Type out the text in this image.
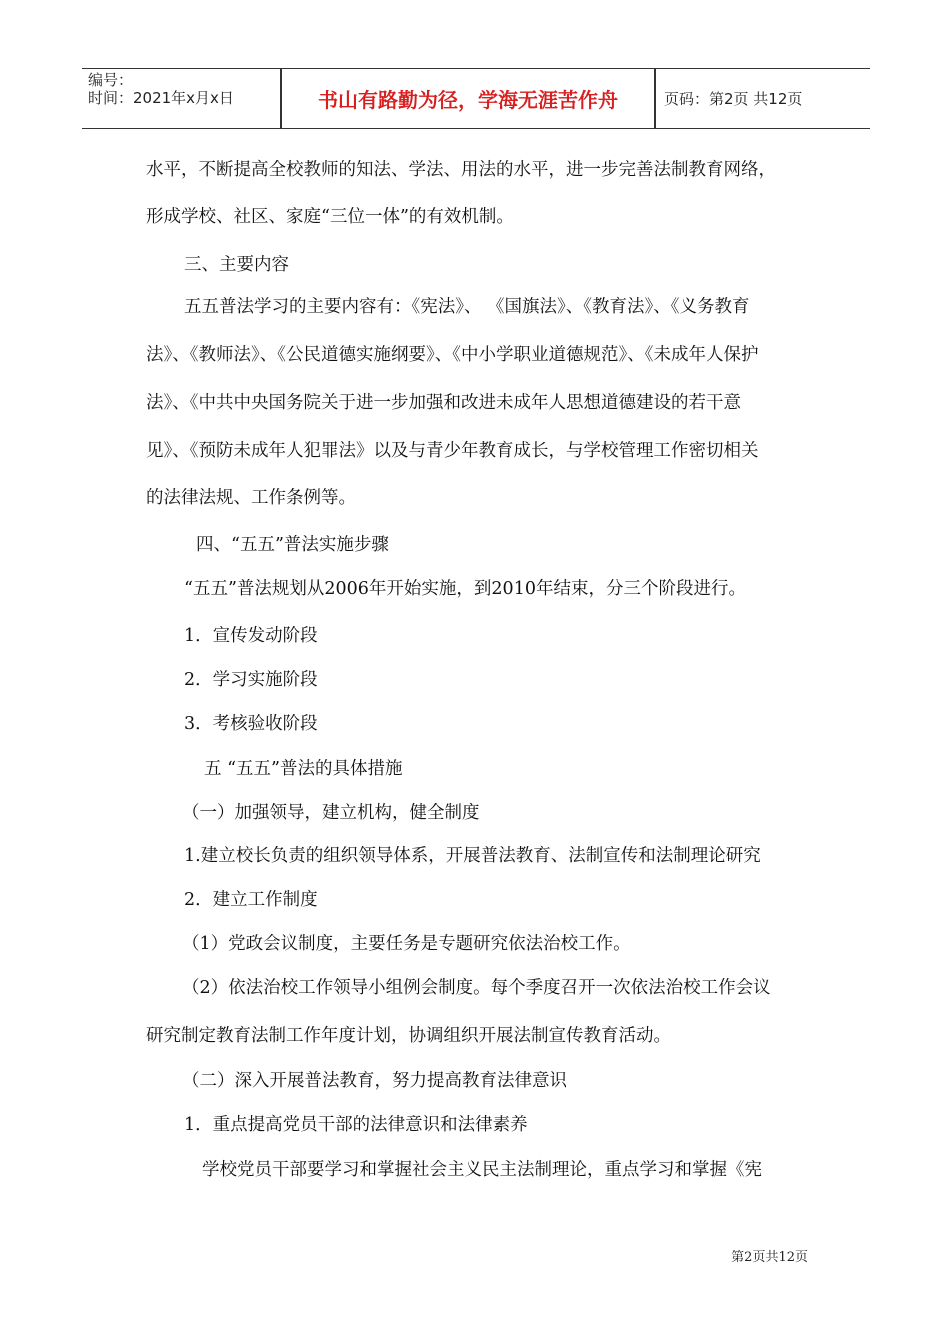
编号：
时间：2021年x月x日	书山有路勤为径，学海无涯苦作舟	页码：第2页 共12页
水平，不断提高全校教师的知法、学法、用法的水平，进一步完善法制教育网络，
形成学校、社区、家庭“三位一体”的有效机制。
三、主要内容
五五普法学习的主要内容有：《宪法》、 《国旗法》、《教育法》、《义务教育
法》、《教师法》、《公民道德实施纲要》、《中小学职业道德规范》、《未成年人保护
法》、《中共中央国务院关于进一步加强和改进未成年人思想道德建设的若干意
见》、《预防未成年人犯罪法》以及与青少年教育成长，与学校管理工作密切相关
的法律法规、工作条例等。
四、“五五”普法实施步骤
“五五”普法规划从2006年开始实施，到2010年结束，分三个阶段进行。
1．宣传发动阶段
2．学习实施阶段
3．考核验收阶段
五 “五五”普法的具体措施
（一）加强领导，建立机构，健全制度
1.建立校长负责的组织领导体系，开展普法教育、法制宣传和法制理论研究
2．建立工作制度
（1）党政会议制度，主要任务是专题研究依法治校工作。
（2）依法治校工作领导小组例会制度。每个季度召开一次依法治校工作会议
研究制定教育法制工作年度计划，协调组织开展法制宣传教育活动。
（二）深入开展普法教育，努力提高教育法律意识
1．重点提高党员干部的法律意识和法律素养
学校党员干部要学习和掌握社会主义民主法制理论，重点学习和掌握《宪
第2页共12页
